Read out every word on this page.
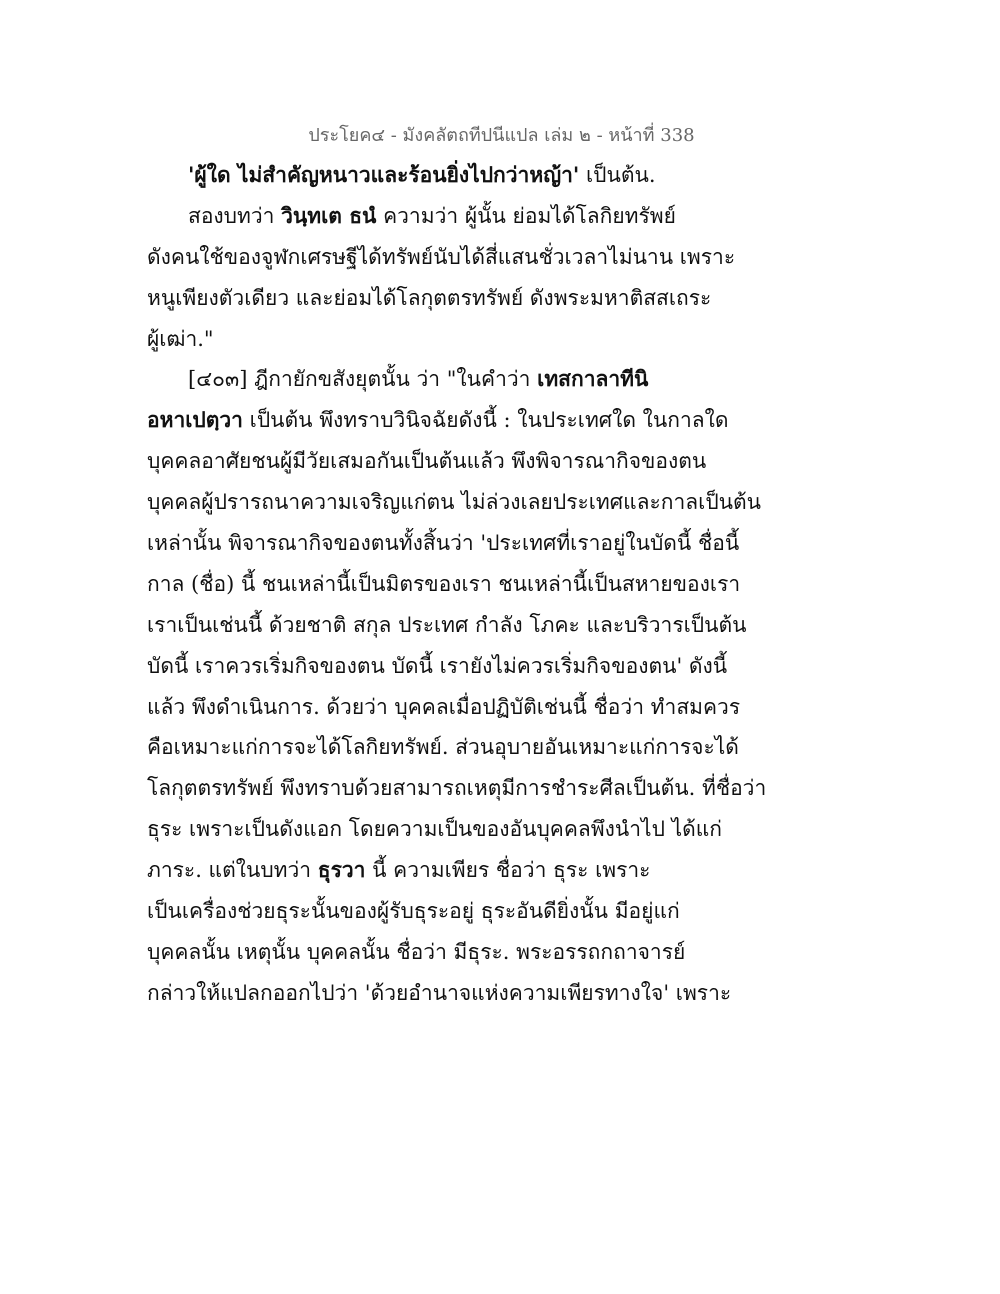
ประโยค๔ - มังคลัตถทีปนีแปล เล่ม ๒ - หน้าที่ 338
'ผู้ใด ไม่สำคัญหนาวและร้อนยิ่งไปกว่าหญ้า' เป็นต้น.
สองบทว่า วินฺทเต ธนํ ความว่า ผู้นั้น ย่อมได้โลกิยทรัพย์
ดังคนใช้ของจูฬกเศรษฐีได้ทรัพย์นับได้สี่แสนชั่วเวลาไม่นาน เพราะ
หนูเพียงตัวเดียว และย่อมได้โลกุตตรทรัพย์ ดังพระมหาติสสเถระ
ผู้เฒ่า."
[๔๐๓] ฎีกายักขสังยุตนั้น ว่า "ในคำว่า เทสกาลาทีนิ
อหาเปตฺวา เป็นต้น พึงทราบวินิจฉัยดังนี้ : ในประเทศใด ในกาลใด
บุคคลอาศัยชนผู้มีวัยเสมอกันเป็นต้นแล้ว พึงพิจารณากิจของตน
บุคคลผู้ปรารถนาความเจริญแก่ตน ไม่ล่วงเลยประเทศและกาลเป็นต้น
เหล่านั้น พิจารณากิจของตนทั้งสิ้นว่า 'ประเทศที่เราอยู่ในบัดนี้ ชื่อนี้
กาล (ชื่อ) นี้ ชนเหล่านี้เป็นมิตรของเรา ชนเหล่านี้เป็นสหายของเรา
เราเป็นเช่นนี้ ด้วยชาติ สกุล ประเทศ กำลัง โภคะ และบริวารเป็นต้น
บัดนี้ เราควรเริ่มกิจของตน บัดนี้ เรายังไม่ควรเริ่มกิจของตน' ดังนี้
แล้ว พึงดำเนินการ. ด้วยว่า บุคคลเมื่อปฏิบัติเช่นนี้ ชื่อว่า ทำสมควร
คือเหมาะแก่การจะได้โลกิยทรัพย์. ส่วนอุบายอันเหมาะแก่การจะได้
โลกุตตรทรัพย์ พึงทราบด้วยสามารถเหตุมีการชำระศีลเป็นต้น. ที่ชื่อว่า
ธุระ เพราะเป็นดังแอก โดยความเป็นของอันบุคคลพึงนำไป ได้แก่
ภาระ. แต่ในบทว่า ธุรวา นี้ ความเพียร ชื่อว่า ธุระ เพราะ
เป็นเครื่องช่วยธุระนั้นของผู้รับธุระอยู่ ธุระอันดียิ่งนั้น มีอยู่แก่
บุคคลนั้น เหตุนั้น บุคคลนั้น ชื่อว่า มีธุระ. พระอรรถกถาจารย์
กล่าวให้แปลกออกไปว่า 'ด้วยอำนาจแห่งความเพียรทางใจ' เพราะ
